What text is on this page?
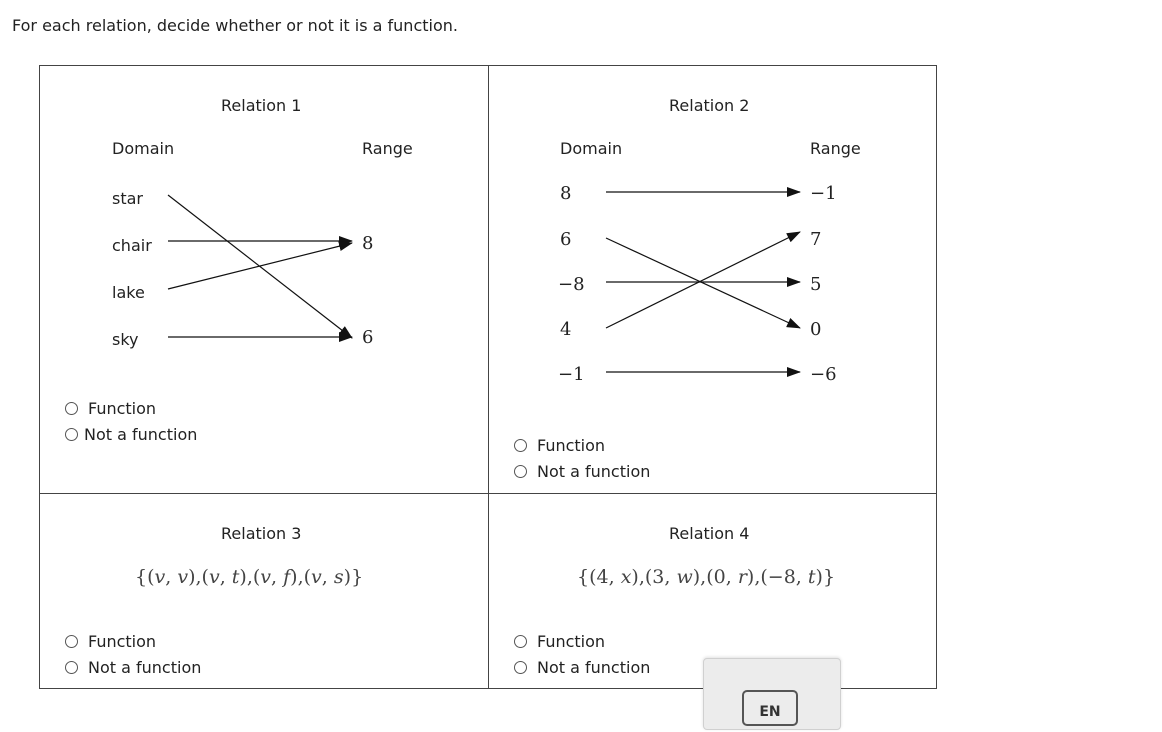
For each relation, decide whether or not it is a function.
Relation 1
Domain	Range
star
chair
lake
sky
8
6
Function
Not a function
Relation 2
Domain	Range
8
6
−8
4
−1
−1
7
5
0
−6
Function
Not a function
Relation 3
{(v, v),(v, t),(v, f),(v, s)}
Function
Not a function
Relation 4
{(4, x),(3, w),(0, r),(−8, t)}
Function
Not a function
EN
